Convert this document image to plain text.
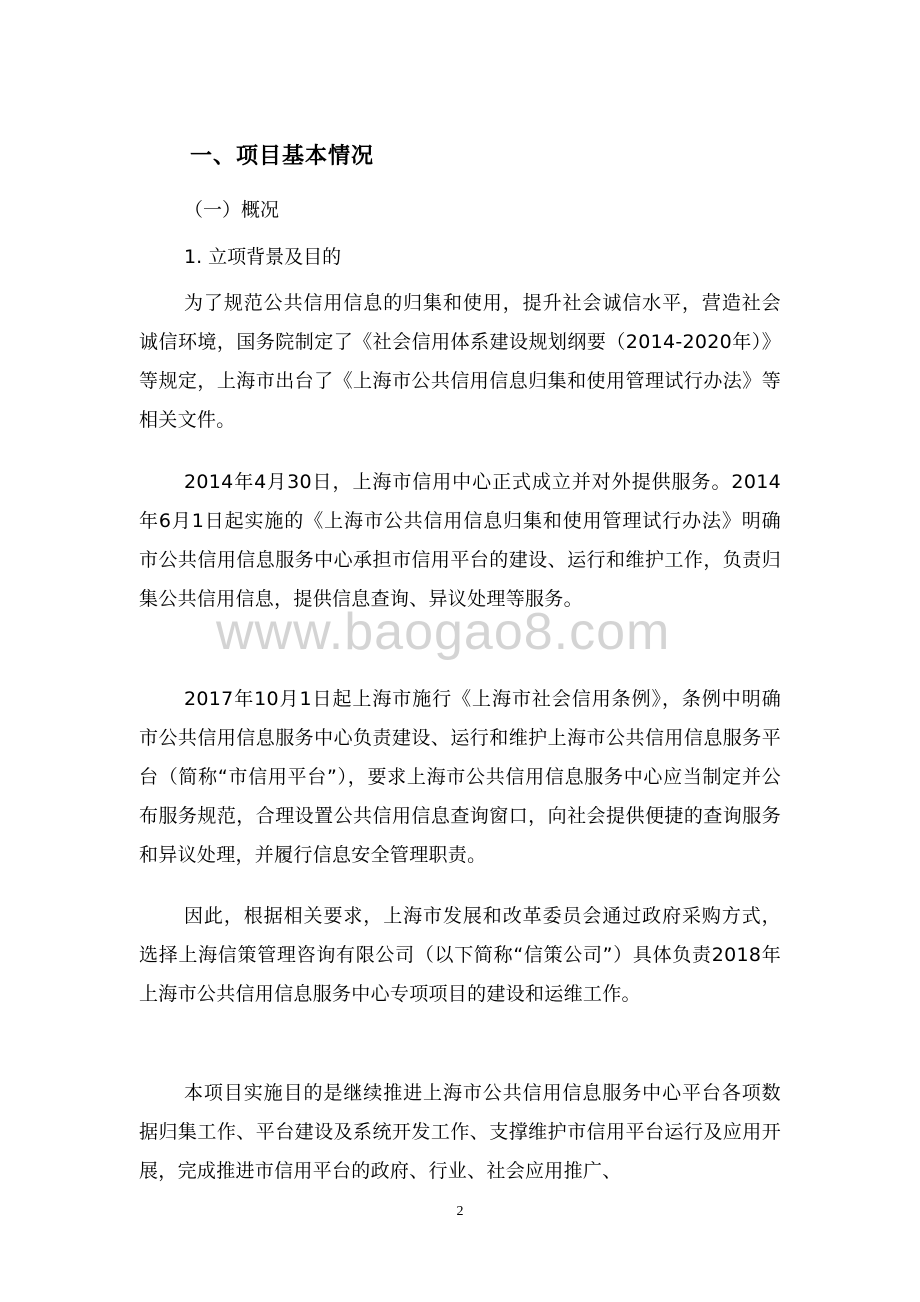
一、项目基本情况
（一）概况
1. 立项背景及目的

为了规范公共信用信息的归集和使用，提升社会诚信水平，营造社会诚信环境，国务院制定了《社会信用体系建设规划纲要（2014-2020年）》等规定，上海市出台了《上海市公共信用信息归集和使用管理试行办法》等相关文件。

2014年4月30日，上海市信用中心正式成立并对外提供服务。2014年6月1日起实施的《上海市公共信用信息归集和使用管理试行办法》明确市公共信用信息服务中心承担市信用平台的建设、运行和维护工作，负责归集公共信用信息，提供信息查询、异议处理等服务。

2017年10月1日起上海市施行《上海市社会信用条例》，条例中明确市公共信用信息服务中心负责建设、运行和维护上海市公共信用信息服务平台（简称“市信用平台”），要求上海市公共信用信息服务中心应当制定并公布服务规范，合理设置公共信用信息查询窗口，向社会提供便捷的查询服务和异议处理，并履行信息安全管理职责。

因此，根据相关要求，上海市发展和改革委员会通过政府采购方式，选择上海信策管理咨询有限公司（以下简称“信策公司”）具体负责2018年上海市公共信用信息服务中心专项项目的建设和运维工作。

本项目实施目的是继续推进上海市公共信用信息服务中心平台各项数据归集工作、平台建设及系统开发工作、支撑维护市信用平台运行及应用开展，完成推进市信用平台的政府、行业、社会应用推广、

www.baogao8.com
2
